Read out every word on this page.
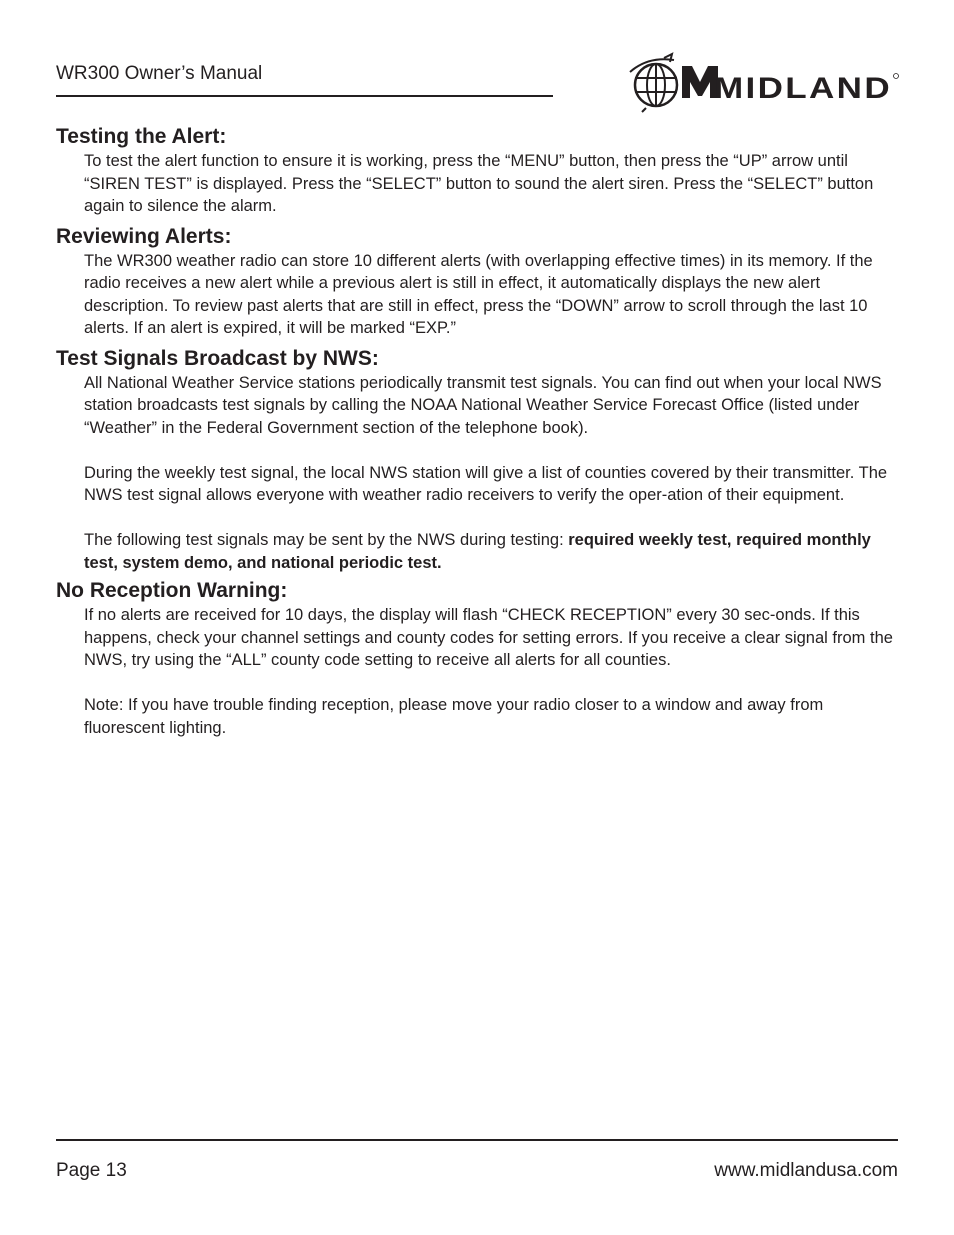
WR300 Owner’s Manual	MIDLAND
Testing the Alert:

To test the alert function to ensure it is working, press the “MENU” button, then press the “UP” arrow until “SIREN TEST” is displayed. Press the “SELECT” button to sound the alert siren. Press the “SELECT” button again to silence the alarm.

Reviewing Alerts:

The WR300 weather radio can store 10 different alerts (with overlapping effective times) in its memory. If the radio receives a new alert while a previous alert is still in effect, it automatically displays the new alert description. To review past alerts that are still in effect, press the “DOWN” arrow to scroll through the last 10 alerts. If an alert is expired, it will be marked “EXP.”

Test Signals Broadcast by NWS:

All National Weather Service stations periodically transmit test signals. You can find out when your local NWS station broadcasts test signals by calling the NOAA National Weather Service Forecast Office (listed under “Weather” in the Federal Government section of the telephone book).

During the weekly test signal, the local NWS station will give a list of counties covered by their transmitter. The NWS test signal allows everyone with weather radio receivers to verify the oper-ation of their equipment.

The following test signals may be sent by the NWS during testing: required weekly test, required monthly test, system demo, and national periodic test.

No Reception Warning:

If no alerts are received for 10 days, the display will flash “CHECK RECEPTION” every 30 sec-onds. If this happens, check your channel settings and county codes for setting errors. If you receive a clear signal from the NWS, try using the “ALL” county code setting to receive all alerts for all counties.

Note: If you have trouble finding reception, please move your radio closer to a window and away from fluorescent lighting.

Page 13	www.midlandusa.com
